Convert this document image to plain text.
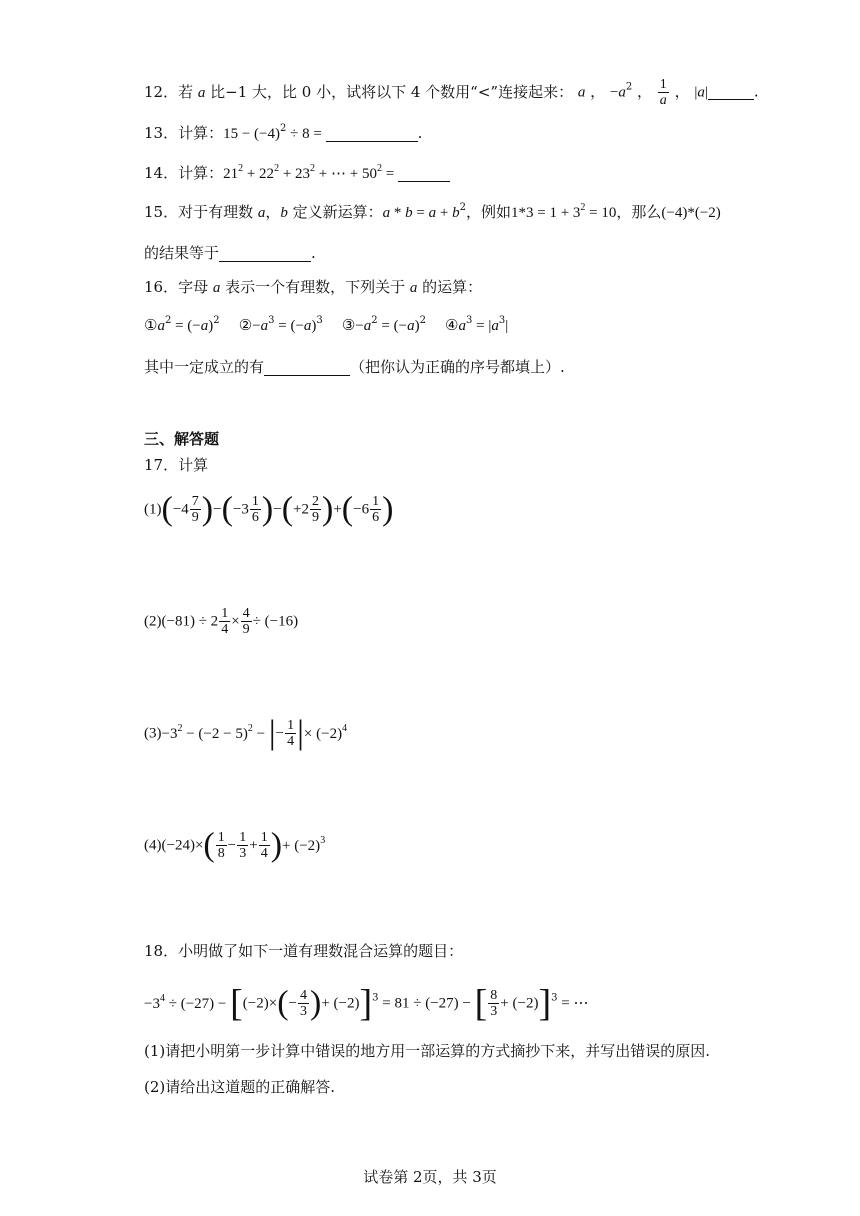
12．若 a 比−1 大，比 0 小，试将以下 4 个数用“<”连接起来： a ， $-a^2$ ， $\frac{1}{a}$ ， |a|	.
13．计算：$15 - (-4)^2 \div 8$ =	.
14．计算：$21^2 + 22^2 + 23^2$ + ⋯ + $50^2$ =
15．对于有理数 a，b 定义新运算：$a * b = a + b^2$，例如$1*3 = 1 + 3^2 = 10$，那么(−4)*(−2)
的结果等于	.
16．字母 a 表示一个有理数，下列关于 a 的运算：
$①a^2 = (-a)^2$    $②-a^3 = (-a)^3$    $③-a^2 = (-a)^2$    $④a^3 = |a^3|$
其中一定成立的有	（把你认为正确的序号都填上）.
三、解答题
17．计算
$(1)(-4 \frac{7}{9} )-(-3 \frac{1}{6} )-(+2 \frac{2}{9} )+(-6 \frac{1}{6}$ )
$(2)(-81) \div 2 \frac{1}{4} \times \frac{4}{9} \div (-16)$
$(3)-3^2 - (-2 - 5)^2$ − |− $\frac{1}{4}$ |× $(-2)^4$
$(4)(-24)\times( \frac{1}{8} - \frac{1}{3} + \frac{1}{4}$ )+ $(-2)^3$
18．小明做了如下一道有理数混合运算的题目：
$-3^4 \div (-27) - [(-2)\times(- \frac{4}{3}$ )+ (−2)]$^3$ = 81 ÷ (−27) − [ $\frac{8}{3} + (-2)]^3$ = ⋯
(1)请把小明第一步计算中错误的地方用一部运算的方式摘抄下来，并写出错误的原因.
(2)请给出这道题的正确解答.
试卷第 2页，共 3页
